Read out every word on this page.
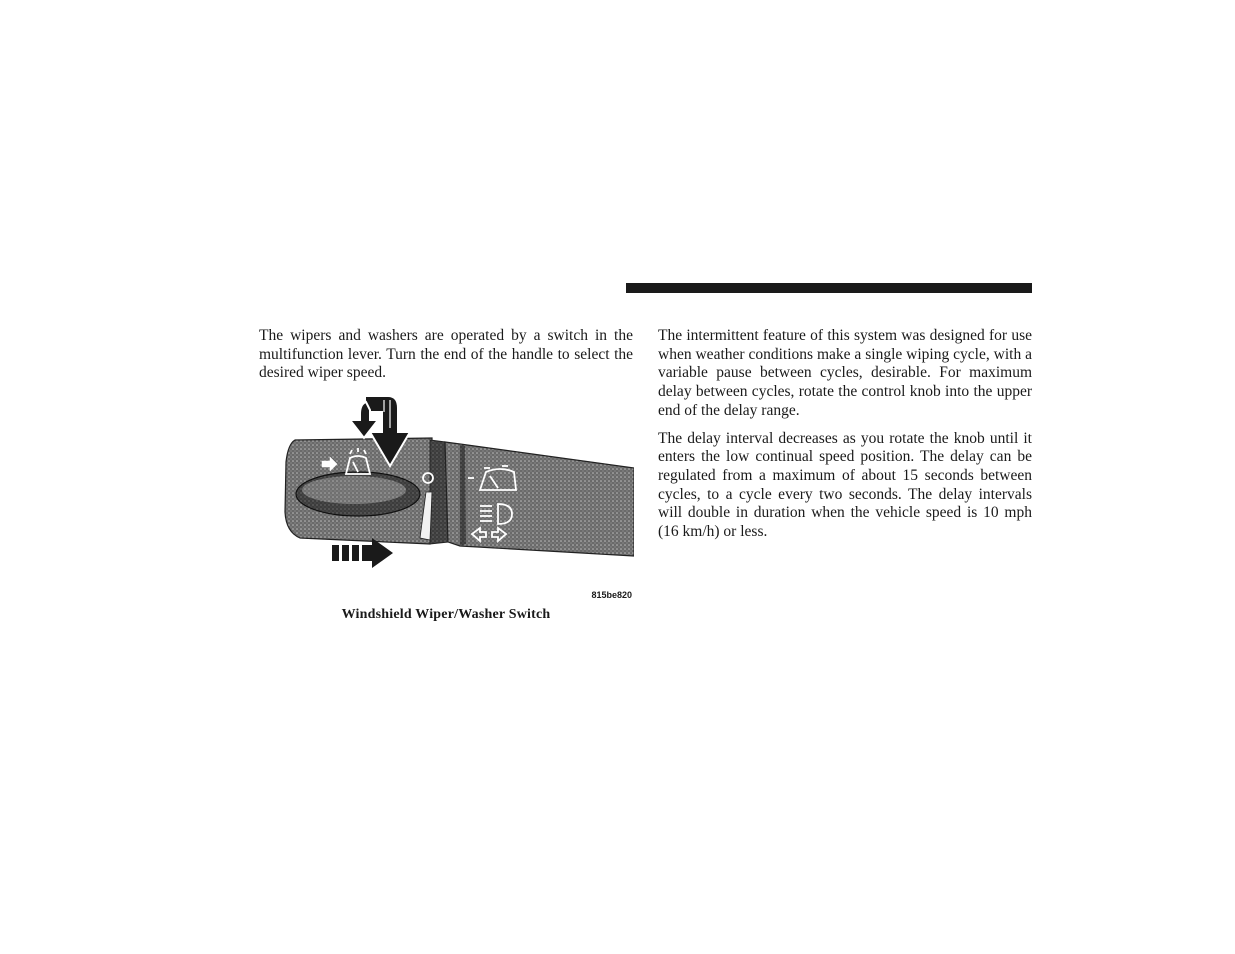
The wipers and washers are operated by a switch in the multifunction lever. Turn the end of the handle to select the desired wiper speed.

815be820
Windshield Wiper/Washer Switch

The intermittent feature of this system was designed for use when weather conditions make a single wiping cycle, with a variable pause between cycles, desirable. For maximum delay between cycles, rotate the control knob into the upper end of the delay range.

The delay interval decreases as you rotate the knob until it enters the low continual speed position. The delay can be regulated from a maximum of about 15 seconds between cycles, to a cycle every two seconds. The delay intervals will double in duration when the vehicle speed is 10 mph (16 km/h) or less.
